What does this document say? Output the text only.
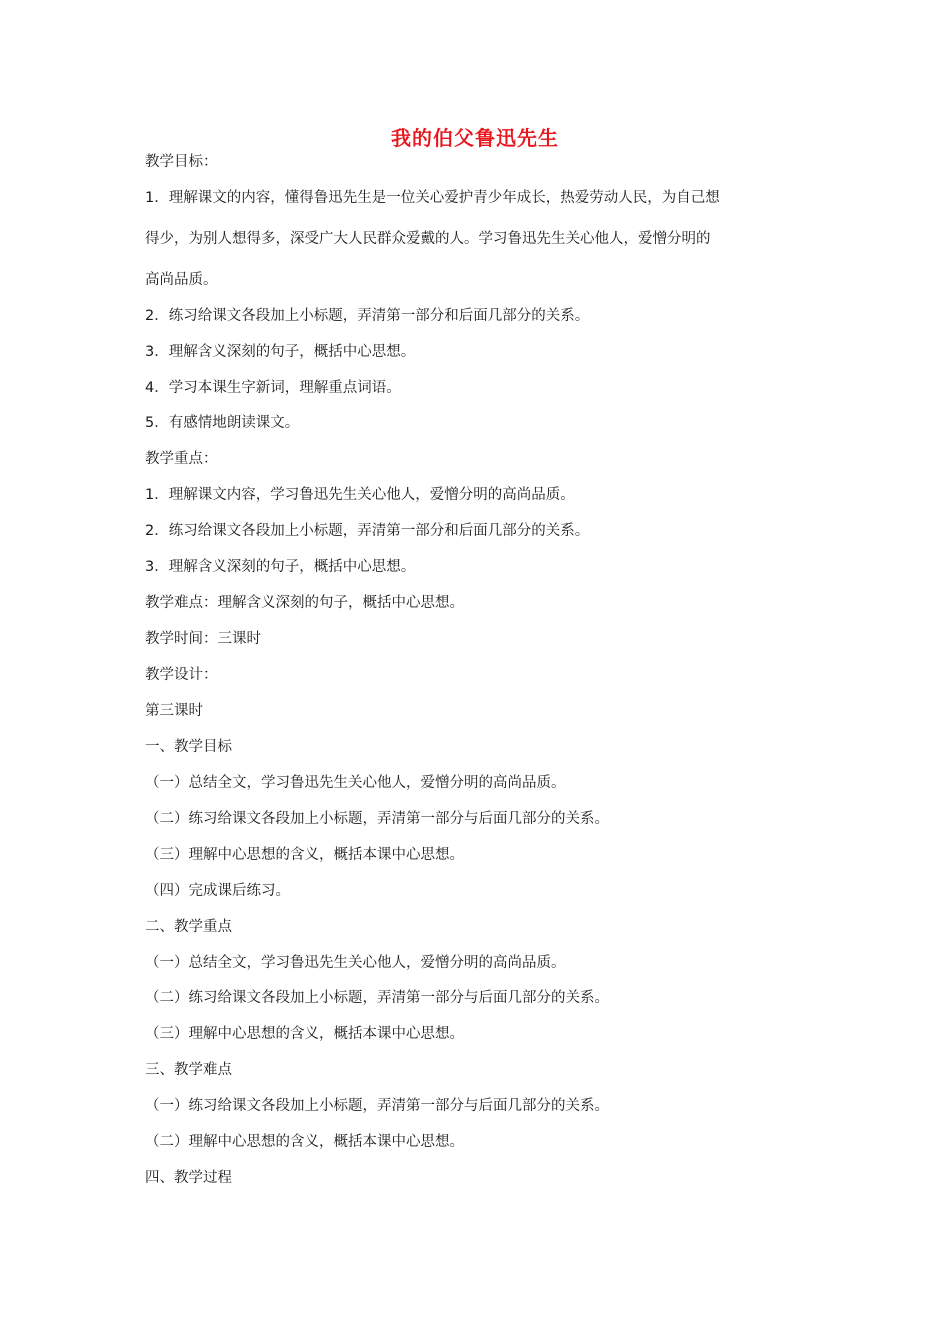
我的伯父鲁迅先生
教学目标：
1．理解课文的内容，懂得鲁迅先生是一位关心爱护青少年成长，热爱劳动人民，为自己想
得少，为别人想得多，深受广大人民群众爱戴的人。学习鲁迅先生关心他人，爱憎分明的
高尚品质。
2．练习给课文各段加上小标题，弄清第一部分和后面几部分的关系。
3．理解含义深刻的句子，概括中心思想。
4．学习本课生字新词，理解重点词语。
5．有感情地朗读课文。
教学重点：
1．理解课文内容，学习鲁迅先生关心他人，爱憎分明的高尚品质。
2．练习给课文各段加上小标题，弄清第一部分和后面几部分的关系。
3．理解含义深刻的句子，概括中心思想。
教学难点：理解含义深刻的句子，概括中心思想。
教学时间：三课时
教学设计：
第三课时
一、教学目标
（一）总结全文，学习鲁迅先生关心他人，爱憎分明的高尚品质。
（二）练习给课文各段加上小标题，弄清第一部分与后面几部分的关系。
（三）理解中心思想的含义，概括本课中心思想。
（四）完成课后练习。
二、教学重点
（一）总结全文，学习鲁迅先生关心他人，爱憎分明的高尚品质。
（二）练习给课文各段加上小标题，弄清第一部分与后面几部分的关系。
（三）理解中心思想的含义，概括本课中心思想。
三、教学难点
（一）练习给课文各段加上小标题，弄清第一部分与后面几部分的关系。
（二）理解中心思想的含义，概括本课中心思想。
四、教学过程
